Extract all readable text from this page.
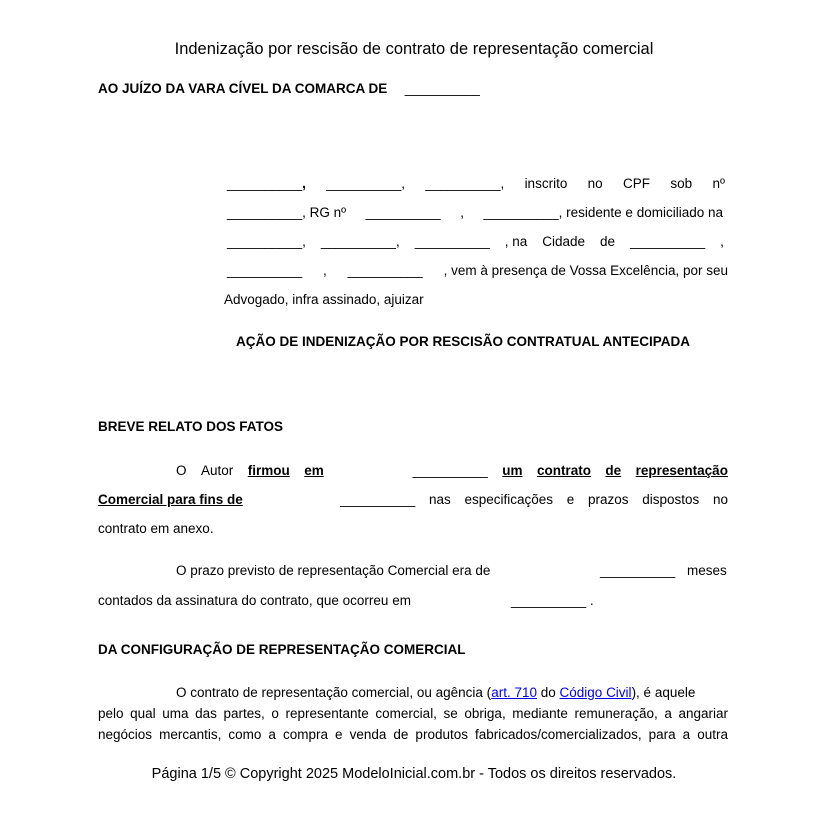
Indenização por rescisão de contrato de representação comercial
AO JUÍZO DA VARA CÍVEL DA COMARCA DE __________
__________, __________, __________, inscrito no CPF sob nº
__________, RG nº __________ , __________, residente e domiciliado na
__________, __________, __________ , na Cidade de __________ ,
__________ , __________ , vem à presença de Vossa Excelência, por seu
Advogado, infra assinado, ajuizar
AÇÃO DE INDENIZAÇÃO POR RESCISÃO CONTRATUAL ANTECIPADA
BREVE RELATO DOS FATOS
O Autor firmou em	__________ um contrato de representação
Comercial para fins de	__________ nas especificações e prazos dispostos no
contrato em anexo.
O prazo previsto de representação Comercial era de	__________ meses
contados da assinatura do contrato, que ocorreu em	__________ .
DA CONFIGURAÇÃO DE REPRESENTAÇÃO COMERCIAL
O contrato de representação comercial, ou agência (art. 710 do Código Civil), é aquele
pelo qual uma das partes, o representante comercial, se obriga, mediante remuneração, a angariar
negócios mercantis, como a compra e venda de produtos fabricados/comercializados, para a outra
Página 1/5 © Copyright 2025 ModeloInicial.com.br - Todos os direitos reservados.
